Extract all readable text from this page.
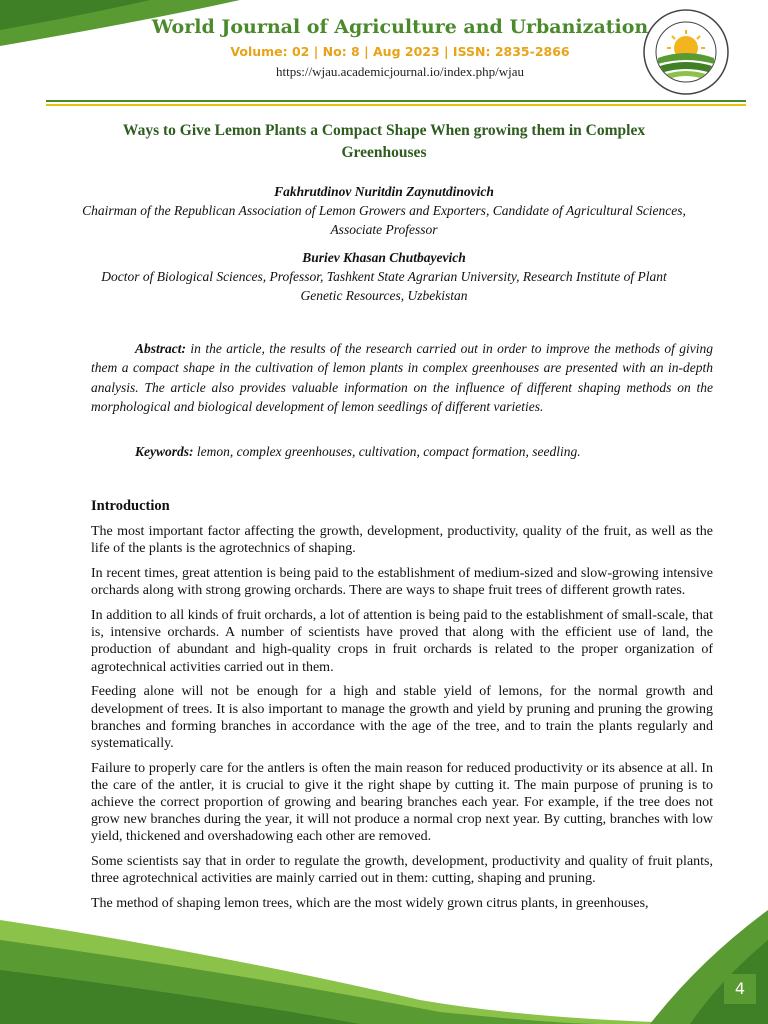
World Journal of Agriculture and Urbanization
Volume: 02 | No: 8 | Aug 2023 | ISSN: 2835-2866
https://wjau.academicjournal.io/index.php/wjau
Ways to Give Lemon Plants a Compact Shape When growing them in Complex Greenhouses
Fakhrutdinov Nuritdin Zaynutdinovich
Chairman of the Republican Association of Lemon Growers and Exporters, Candidate of Agricultural Sciences, Associate Professor
Buriev Khasan Chutbayevich
Doctor of Biological Sciences, Professor, Tashkent State Agrarian University, Research Institute of Plant Genetic Resources, Uzbekistan
Abstract: in the article, the results of the research carried out in order to improve the methods of giving them a compact shape in the cultivation of lemon plants in complex greenhouses are presented with an in-depth analysis. The article also provides valuable information on the influence of different shaping methods on the morphological and biological development of lemon seedlings of different varieties.
Keywords: lemon, complex greenhouses, cultivation, compact formation, seedling.
Introduction

The most important factor affecting the growth, development, productivity, quality of the fruit, as well as the life of the plants is the agrotechnics of shaping.

In recent times, great attention is being paid to the establishment of medium-sized and slow-growing intensive orchards along with strong growing orchards. There are ways to shape fruit trees of different growth rates.

In addition to all kinds of fruit orchards, a lot of attention is being paid to the establishment of small-scale, that is, intensive orchards. A number of scientists have proved that along with the efficient use of land, the production of abundant and high-quality crops in fruit orchards is related to the proper organization of agrotechnical activities carried out in them.

Feeding alone will not be enough for a high and stable yield of lemons, for the normal growth and development of trees. It is also important to manage the growth and yield by pruning and pruning the growing branches and forming branches in accordance with the age of the tree, and to train the plants regularly and systematically.

Failure to properly care for the antlers is often the main reason for reduced productivity or its absence at all. In the care of the antler, it is crucial to give it the right shape by cutting it. The main purpose of pruning is to achieve the correct proportion of growing and bearing branches each year. For example, if the tree does not grow new branches during the year, it will not produce a normal crop next year. By cutting, branches with low yield, thickened and overshadowing each other are removed.

Some scientists say that in order to regulate the growth, development, productivity and quality of fruit plants, three agrotechnical activities are mainly carried out in them: cutting, shaping and pruning.

The method of shaping lemon trees, which are the most widely grown citrus plants, in greenhouses,

4
